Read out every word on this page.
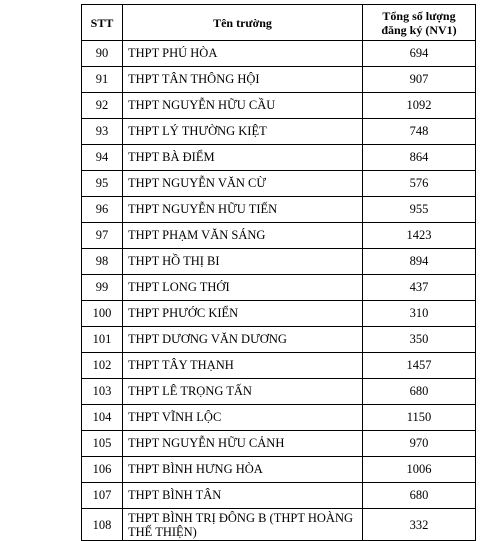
STT	Tên trường	Tổng số lượng
đăng ký (NV1)
90	THPT PHÚ HÒA	694
91	THPT TÂN THÔNG HỘI	907
92	THPT NGUYỄN HỮU CẦU	1092
93	THPT LÝ THƯỜNG KIỆT	748
94	THPT BÀ ĐIỂM	864
95	THPT NGUYỄN VĂN CỪ	576
96	THPT NGUYỄN HỮU TIẾN	955
97	THPT PHẠM VĂN SÁNG	1423
98	THPT HỒ THỊ BI	894
99	THPT LONG THỚI	437
100	THPT PHƯỚC KIỂN	310
101	THPT DƯƠNG VĂN DƯƠNG	350
102	THPT TÂY THẠNH	1457
103	THPT LÊ TRỌNG TẤN	680
104	THPT VĨNH LỘC	1150
105	THPT NGUYỄN HỮU CẢNH	970
106	THPT BÌNH HƯNG HÒA	1006
107	THPT BÌNH TÂN	680
108	THPT BÌNH TRỊ ĐÔNG B (THPT HOÀNG THẾ THIỆN)	332
